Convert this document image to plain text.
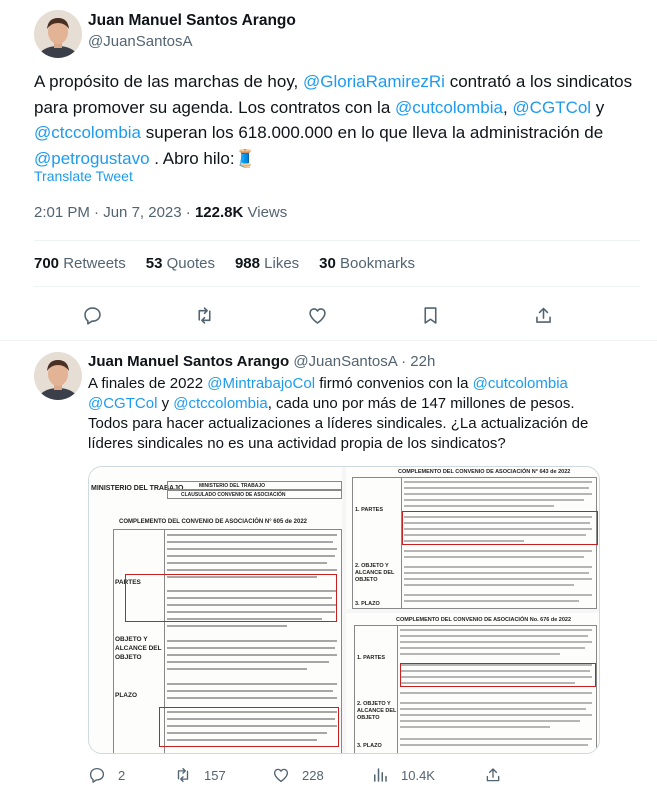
Juan Manuel Santos Arango
@JuanSantosA
A propósito de las marchas de hoy, @GloriaRamirezRi contrató a los sindicatos para promover su agenda. Los contratos con la @cutcolombia, @CGTCol y @ctccolombia superan los 618.000.000 en lo que lleva la administración de @petrogustavo . Abro hilo:🧵
Translate Tweet
2:01 PM · Jun 7, 2023 · 122.8K Views
700 Retweets 53 Quotes 988 Likes 30 Bookmarks
Juan Manuel Santos Arango @JuanSantosA · 22h
A finales de 2022 @MintrabajoCol firmó convenios con la @cutcolombia @CGTCol y @ctccolombia, cada uno por más de 147 millones de pesos. Todos para hacer actualizaciones a líderes sindicales. ¿La actualización de líderes sindicales no es una actividad propia de los sindicatos?
MINISTERIO DEL TRABAJO	MINISTERIO DEL TRABAJO
CLAUSULADO CONVENIO DE ASOCIACIÓN
COMPLEMENTO DEL CONVENIO DE ASOCIACIÓN N° 605 de 2022
PARTES
OBJETO Y ALCANCE DEL OBJETO
PLAZO
COMPLEMENTO DEL CONVENIO DE ASOCIACIÓN N° 643 de 2022
1. PARTES
2. OBJETO Y ALCANCE DEL OBJETO
3. PLAZO
COMPLEMENTO DEL CONVENIO DE ASOCIACIÓN No. 676 de 2022
1. PARTES
2. OBJETO Y ALCANCE DEL OBJETO
3. PLAZO
2	157	228	10.4K
